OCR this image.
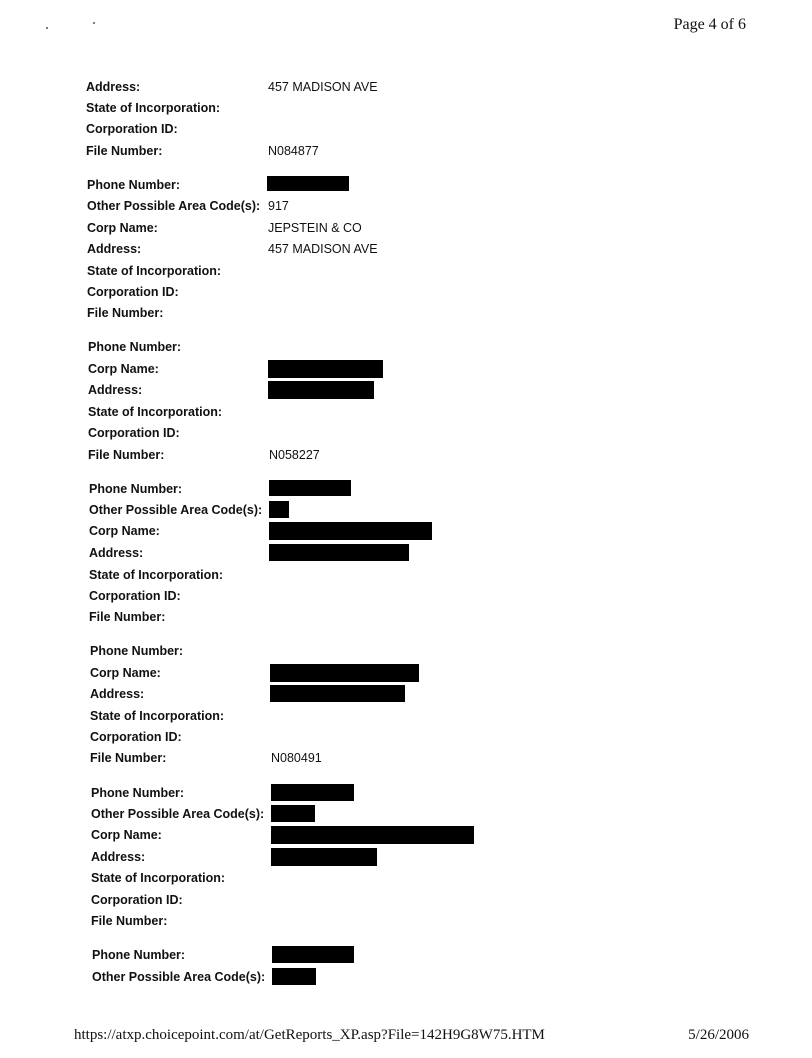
Page 4 of 6
Address:	457 MADISON AVE
State of Incorporation:
Corporation ID:
File Number:	N084877
Phone Number:
Other Possible Area Code(s): 917
Corp Name:	JEPSTEIN & CO
Address:	457 MADISON AVE
State of Incorporation:
Corporation ID:
File Number:
Phone Number:
Corp Name:
Address:
State of Incorporation:
Corporation ID:
File Number:	N058227
Phone Number:
Other Possible Area Code(s):
Corp Name:
Address:
State of Incorporation:
Corporation ID:
File Number:
Phone Number:
Corp Name:
Address:
State of Incorporation:
Corporation ID:
File Number:	N080491
Phone Number:
Other Possible Area Code(s):
Corp Name:
Address:
State of Incorporation:
Corporation ID:
File Number:
Phone Number:
Other Possible Area Code(s):
https://atxp.choicepoint.com/at/GetReports_XP.asp?File=142H9G8W75.HTM	5/26/2006
